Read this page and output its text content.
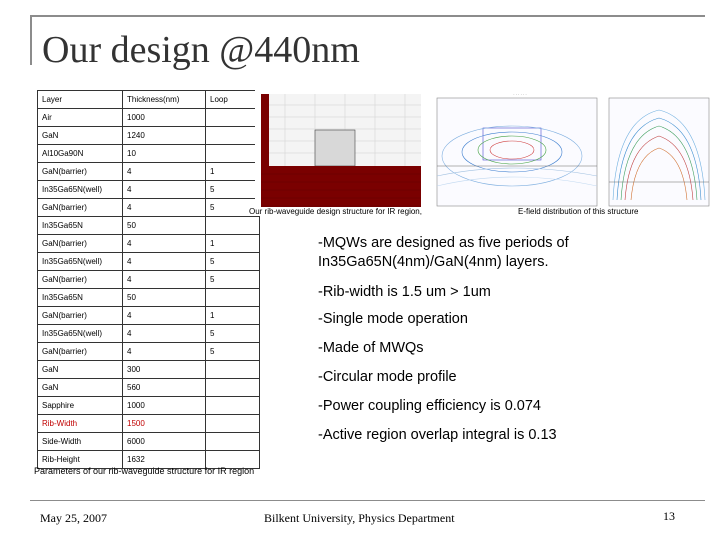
Our design @440nm
Layer	Thickness(nm)	Loop
Air	1000	
GaN	1240	
Al10Ga90N	10	
GaN(barrier)	4	1
In35Ga65N(well)	4	5
GaN(barrier)	4	5
In35Ga65N	50	
GaN(barrier)	4	1
In35Ga65N(well)	4	5
GaN(barrier)	4	5
In35Ga65N	50	
GaN(barrier)	4	1
In35Ga65N(well)	4	5
GaN(barrier)	4	5
GaN	300	
GaN	560	
Sapphire	1000	
Rib-Width	1500	
Side-Width	6000	
Rib-Height	1632	
Parameters of our rib-waveguide structure for IR region
· · · · · ·
Our rib-waveguide design structure for IR region,	E-field distribution of this structure
-MQWs are designed as five periods of In35Ga65N(4nm)/GaN(4nm) layers.
-Rib-width is 1.5 um > 1um
-Single mode operation
-Made of MWQs
-Circular mode profile
-Power coupling efficiency is 0.074
-Active region overlap integral is 0.13
May 25, 2007	Bilkent University, Physics Department	13
